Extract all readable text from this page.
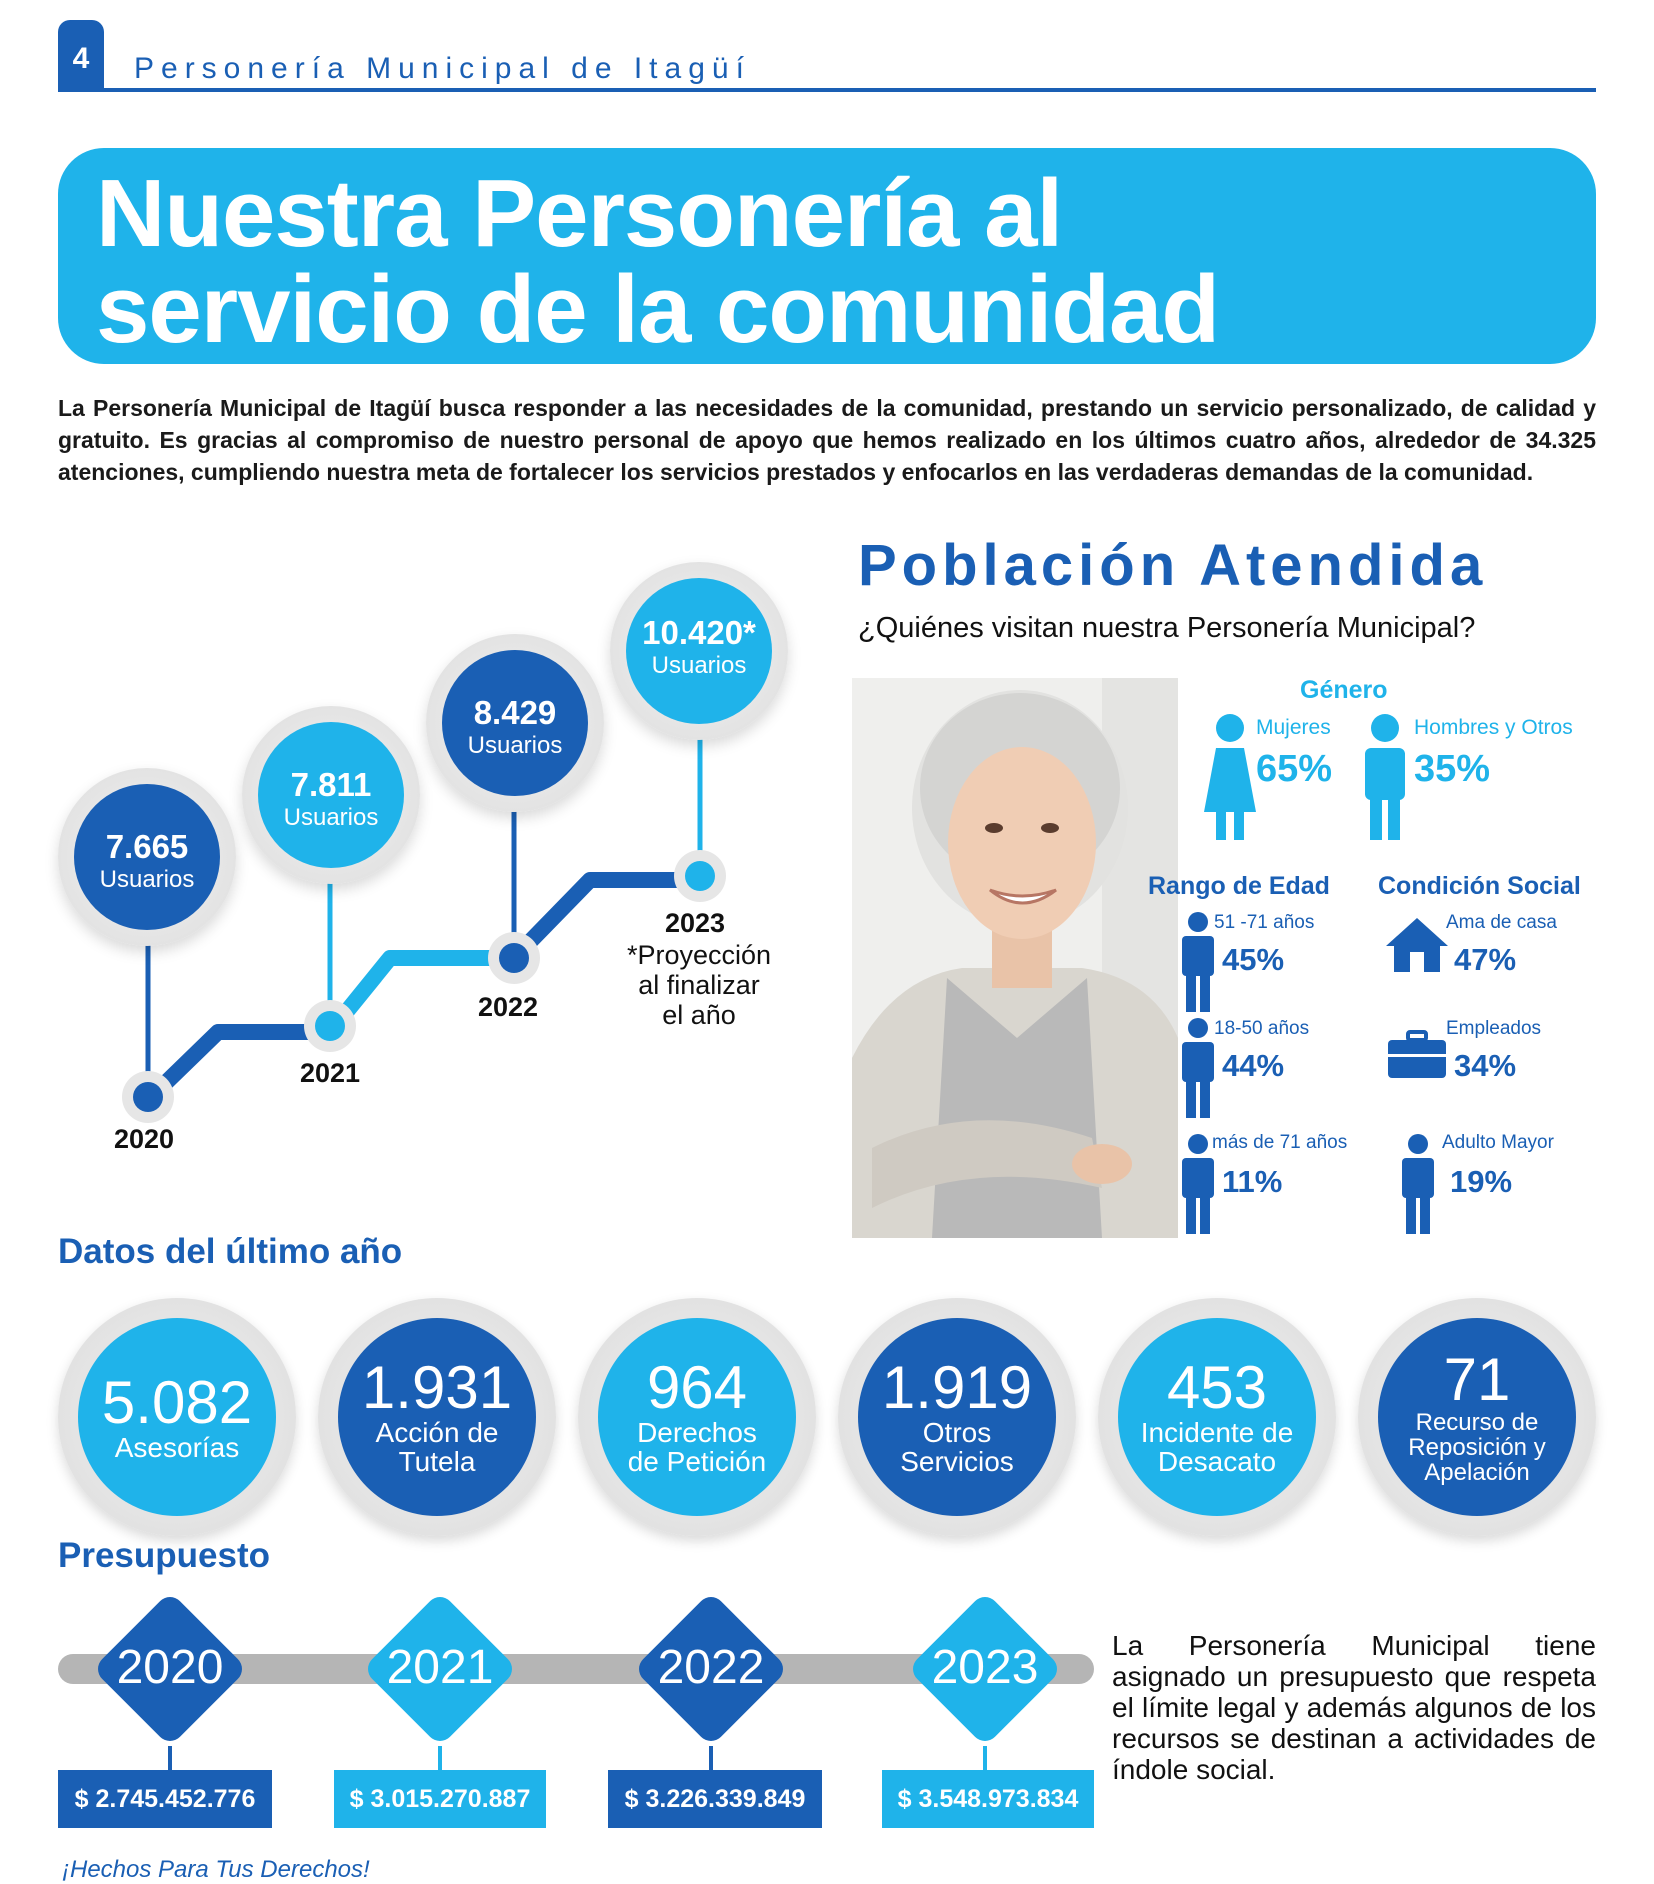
4	Personería Municipal de Itagüí
Nuestra Personería al
servicio de la comunidad
La Personería Municipal de Itagüí busca responder a las necesidades de la comunidad, prestando un servicio personalizado, de calidad y gratuito. Es gracias al compromiso de nuestro personal de apoyo que hemos realizado en los últimos cuatro años, alrededor de 34.325 atenciones, cumpliendo nuestra meta de fortalecer los servicios prestados y enfocarlos en las verdaderas demandas de la comunidad.
7.665
Usuarios
7.811
Usuarios
8.429
Usuarios
10.420*
Usuarios
2020
2021
2022
2023
*Proyección
al finalizar
el año
Población Atendida
¿Quiénes visitan nuestra Personería Municipal?
Género
Mujeres
65%
Hombres y Otros
35%
Rango de Edad
51 -71 años
45%
18-50 años
44%
más de 71 años
11%
Condición Social
Ama de casa
47%
Empleados
34%
Adulto Mayor
19%
Datos del último año
5.082
Asesorías
1.931
Acción de
Tutela
964
Derechos
de Petición
1.919
Otros
Servicios
453
Incidente de
Desacato
71
Recurso de
Reposición y
Apelación
Presupuesto
2020
$ 2.745.452.776
2021
$ 3.015.270.887
2022
$ 3.226.339.849
2023
$ 3.548.973.834
La Personería Municipal tiene asignado un presupuesto que respeta el límite legal y además algunos de los recursos se destinan a actividades de índole social.
¡Hechos Para Tus Derechos!
